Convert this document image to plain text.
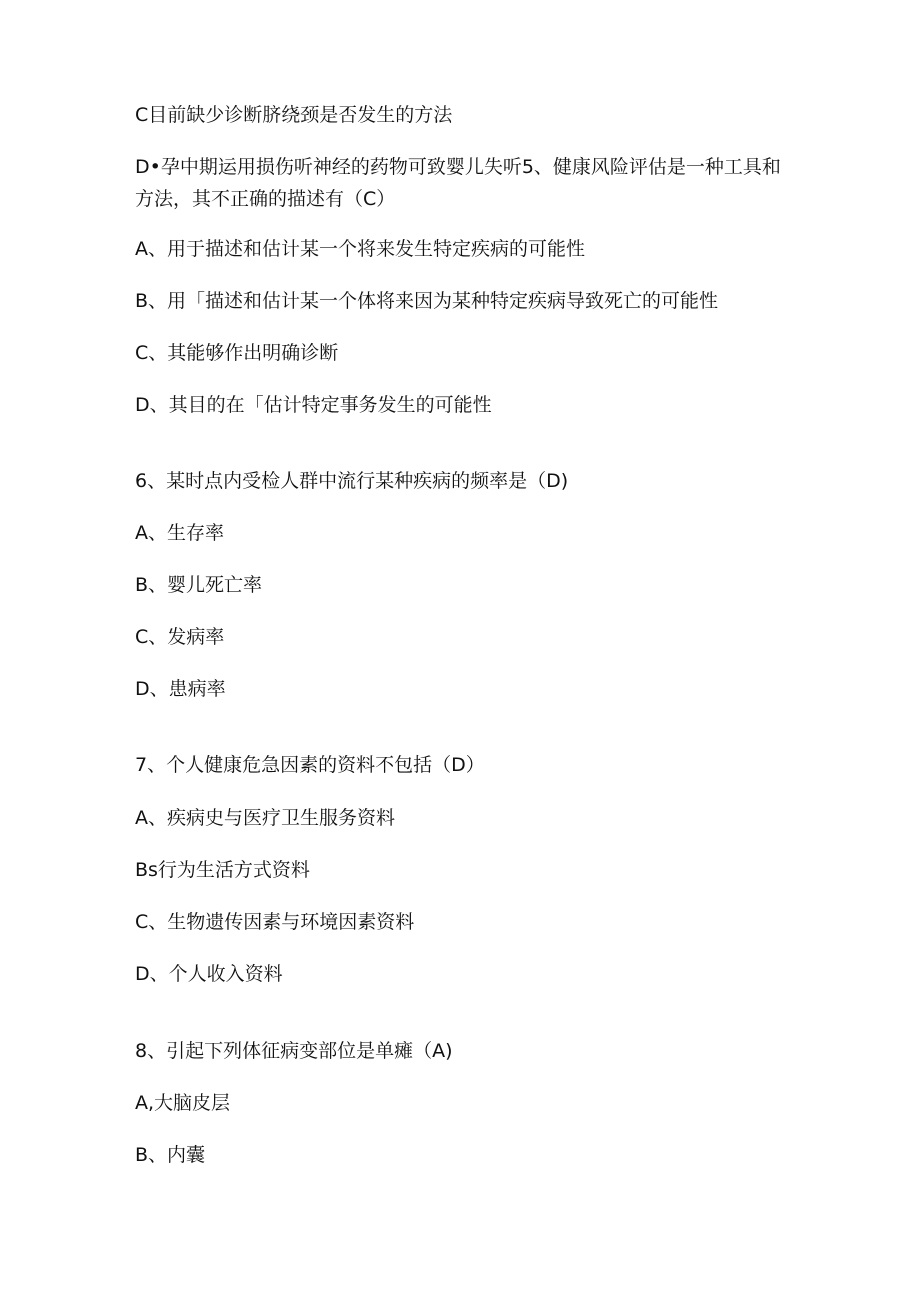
C目前缺少诊断脐绕颈是否发生的方法
D•孕中期运用损伤听神经的药物可致婴儿失听5、健康风险评估是一种工具和方法，其不正确的描述有（C）
A、用于描述和估计某一个将来发生特定疾病的可能性
B、用「描述和估计某一个体将来因为某种特定疾病导致死亡的可能性
C、其能够作出明确诊断
D、其目的在「估计特定事务发生的可能性
6、某时点内受检人群中流行某种疾病的频率是（D)
A、生存率
B、婴儿死亡率
C、发病率
D、患病率
7、个人健康危急因素的资料不包括（D）
A、疾病史与医疗卫生服务资料
Bs行为生活方式资料
C、生物遗传因素与环境因素资料
D、个人收入资料
8、引起下列体征病变部位是单瘫（A)
A,大脑皮层
B、内囊
